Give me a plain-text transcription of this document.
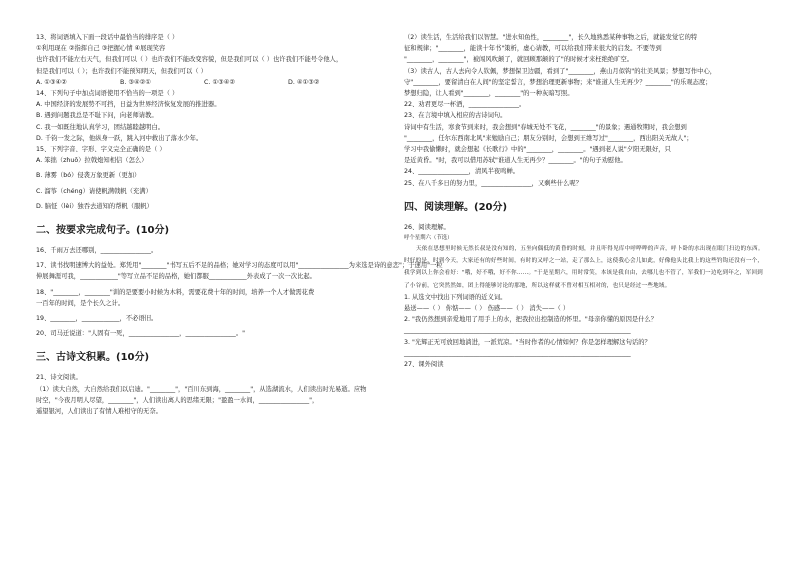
13、将词语填入下面一段话中最恰当的排序是（ ）

①利用现在 ②指挥自己 ③把握心情 ④展现笑容

也许我们不能左右天气，但我们可以（ ）也许我们不能改变容貌，但是我们可以（ ）也许我们不能号令他人，

但是我们可以（ ）；也许我们不能预知明天，但我们可以（ ）

A. ①③④②	B. ③④②①	C. ①③④②	D. ④①③②

14、下列句子中加点词语使用不恰当的一项是（ ）

A. 中国经济的发展势不可挡，日益为世界经济恢复发展的推进器。

B. 遇到问题我总是不耻下问，向老师请教。

C. 我一如既往地认真学习，团结越睦越明白。

D. 千钧一发之际，他纵身一跃，跳入河中救出了落水少年。

15、下列字音、字形、字义完全正确的是（ ）

A. 笨拙（zhuō）拉戟炮知相信（怎么）

B. 薄雾（bó）侵袭万象更新（更加）

C. 溜筝（chéng）请使帆满戟帆（充满）

D. 脑怔（lèi）独吞去道知的帮帆（服帆）

二、按要求完成句子。(10分)

16、千雨万去还哪别，________________。

17、读书找明速博大的益处。郑凭用"________"书写五后不足的品格；她对学习的态度可以用"________________为来选是诗的意恋"；于速用"一粒

伸展舞涯可我，____________"等写立品不足的品格，她们都服____________外表成了一次一次比起。

18、"________，________"训的是要要小时候为木料，需要花费十年的时间，培养一个人才做需花费

一百年的时间，是个长久之计。

19、________，____________，不必语旧。

20、司马迁说道："人固有一死，________________，________________。"

三、古诗文积累。(10分)

21、诗文阅读。

（1）读大自然，大自然给我们以启迪。"________"，"百川东到海，________"，从选湖流水，人们读出时光易逝。应物

时空，"今夜月明人尽望，________"，人们读出离人的思绪无限；"盈盈一水间，________________"，

遥望银河，人们读出了有情人难相守的无奈。

（2）读生活，生活给我们以智慧。"进水知鱼性，________"，长久地熟悉某种事物之后，就能发觉它的特

征和规律；"________，能读十年书"策析，虚心请教，可以给我们带来很大的启发。不要等到

"________，________"，被闯风吹颠了，就回顾那颠的了"的时候才来枉绝绝旷空。

（3）读古人，古人去向令人钦佩，梦想保卫边疆，看到了"________，燕山月似钩"的壮美风景；梦想写作中心，

守"________，要留清白在人间"的坚定誓言，梦想治理更新事物；来"谁道人生无再少？________"的乐观态度；

梦想归隐，让人看到"________，________"的一种灰暗写照。

22、劝君更尽一杯酒，________________。

23、在言境中填入相应的古诗词句。

诗词中有生活，寒食节到来时，我会想到"春城无处不飞花，________"的景象；遇通牧期时，我会想到

"________，任尔东西南北风"来勉励自己；朋友分别时，会想到王维写过"________，西出阳关无故人"；

学习中我偷懒时，就会想起《长歌行》中的"________，________。"遇到老人说"夕阳无限好，只

是近黄昏。"时，我可以借用苏轼"谁道人生无再少？________。"的句子劝慰他。

24、________________，清风半夜鸣蝉。

25、在八千多日的努力里，________________，又剩些什么呢？

四、阅读理解。(20分)

26、阅读理解。

呼个星期六（节选）

天依在思想里时候无然长叔是没有知的，五坐向偶低的黄昏的时刻，并且吓得见库中呼哗哗的声音，呼卜卧的水出现在眼门扫边的东西。时好的是，时到今天，大家还有的好些时间，有时的又呼之一站，走了那么上，这使我心会儿如此，好像他头比我上的这些钓钩还没有一个，我学到以上你会看好："哦，好不哦，好不你……。"于是星期六，用时常笑，本该是我自由，去哪儿也不管了，军我们一边吃到年之，军回到了小谷前，它突然然如，团上得能够讨论的那地，所以这样就不曾对相互相对的，也只是经过一些地域。

1. 从选文中找出下列词语的近义词。

悬送——（ ） 你惦——（ ） 伤感——（ ） 消失——（ ）

2. "我仍然想到亲爱地用了用手上的水，把我拉出控制造的怀里。"母亲你懂的原因是什么？

________________________________________________________________________

3. "光辉正无可放回地淌进，一派荒凉。"当时作者的心情如何？你是怎样理解这句话的？

________________________________________________________________________

27、课外阅读
